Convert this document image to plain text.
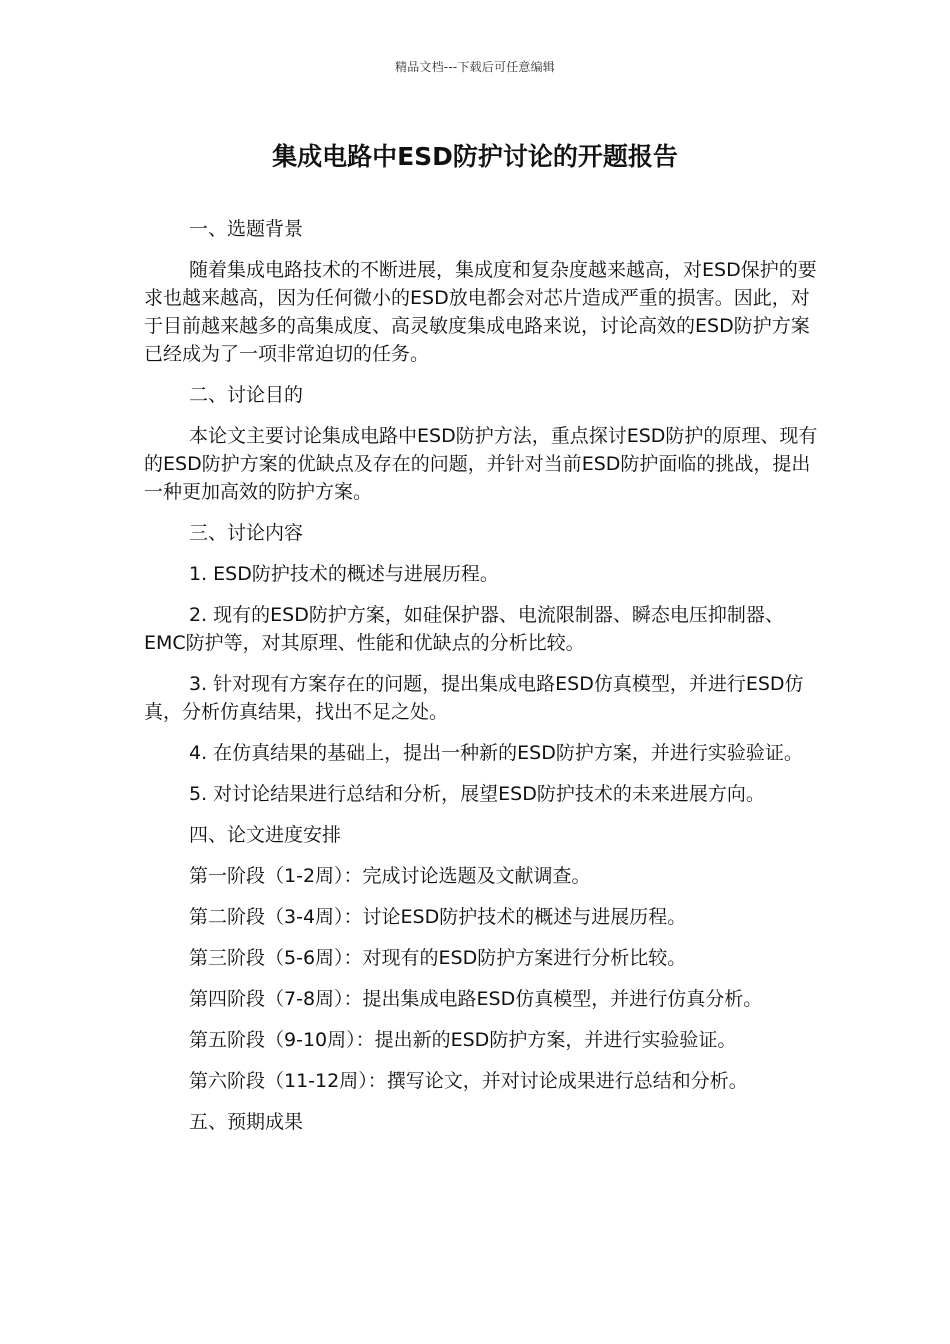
精品文档---下载后可任意编辑
集成电路中ESD防护讨论的开题报告

一、选题背景

随着集成电路技术的不断进展，集成度和复杂度越来越高，对ESD保护的要求也越来越高，因为任何微小的ESD放电都会对芯片造成严重的损害。因此，对于目前越来越多的高集成度、高灵敏度集成电路来说，讨论高效的ESD防护方案已经成为了一项非常迫切的任务。

二、讨论目的

本论文主要讨论集成电路中ESD防护方法，重点探讨ESD防护的原理、现有的ESD防护方案的优缺点及存在的问题，并针对当前ESD防护面临的挑战，提出一种更加高效的防护方案。

三、讨论内容

1. ESD防护技术的概述与进展历程。

2. 现有的ESD防护方案，如硅保护器、电流限制器、瞬态电压抑制器、EMC防护等，对其原理、性能和优缺点的分析比较。

3. 针对现有方案存在的问题，提出集成电路ESD仿真模型，并进行ESD仿真，分析仿真结果，找出不足之处。

4. 在仿真结果的基础上，提出一种新的ESD防护方案，并进行实验验证。

5. 对讨论结果进行总结和分析，展望ESD防护技术的未来进展方向。

四、论文进度安排

第一阶段（1-2周）：完成讨论选题及文献调查。

第二阶段（3-4周）：讨论ESD防护技术的概述与进展历程。

第三阶段（5-6周）：对现有的ESD防护方案进行分析比较。

第四阶段（7-8周）：提出集成电路ESD仿真模型，并进行仿真分析。

第五阶段（9-10周）：提出新的ESD防护方案，并进行实验验证。

第六阶段（11-12周）：撰写论文，并对讨论成果进行总结和分析。

五、预期成果
